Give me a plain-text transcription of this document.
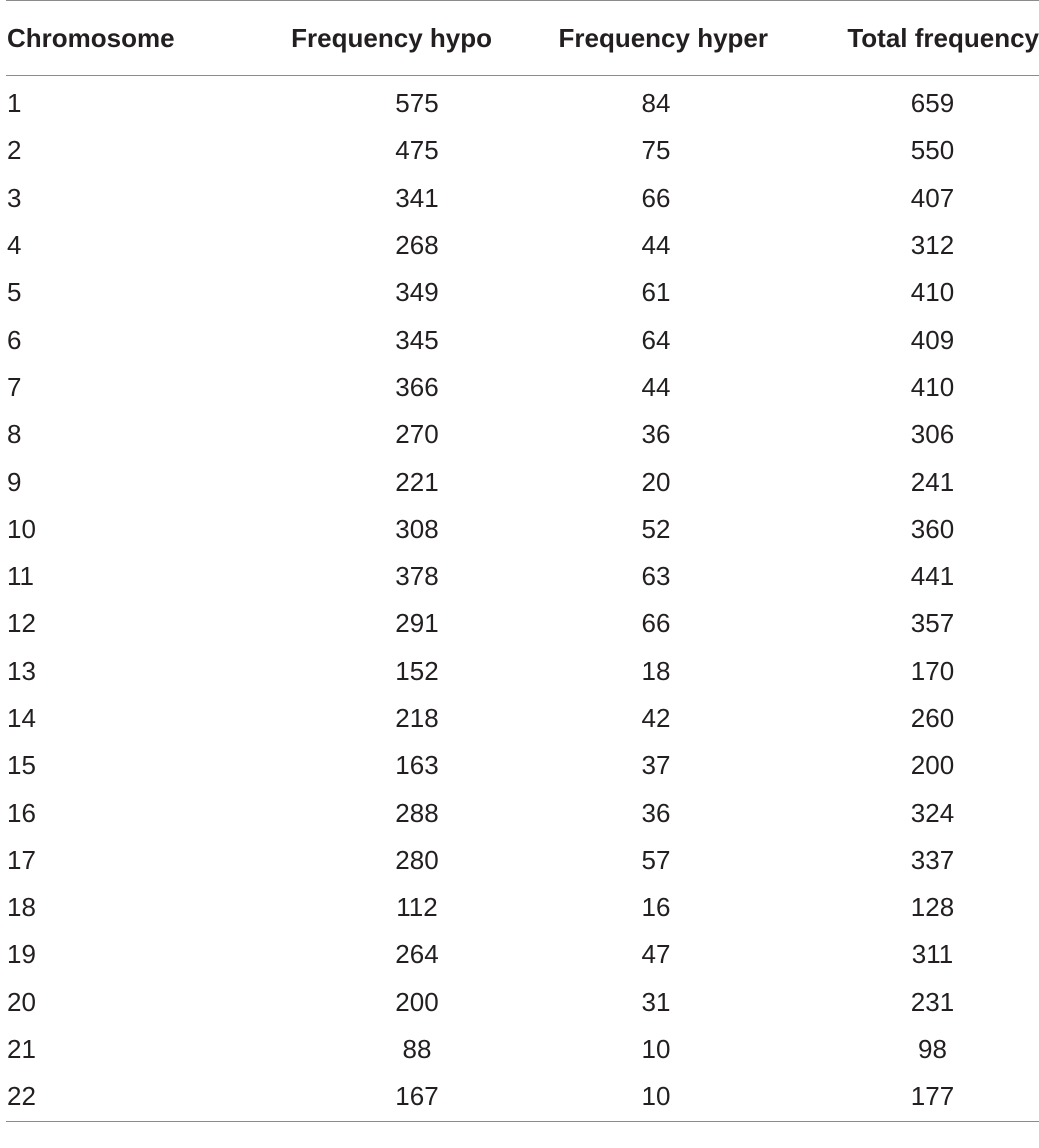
Chromosome	Frequency hypo	Frequency hyper	Total frequency
1	575	84	659
2	475	75	550
3	341	66	407
4	268	44	312
5	349	61	410
6	345	64	409
7	366	44	410
8	270	36	306
9	221	20	241
10	308	52	360
11	378	63	441
12	291	66	357
13	152	18	170
14	218	42	260
15	163	37	200
16	288	36	324
17	280	57	337
18	112	16	128
19	264	47	311
20	200	31	231
21	88	10	98
22	167	10	177
